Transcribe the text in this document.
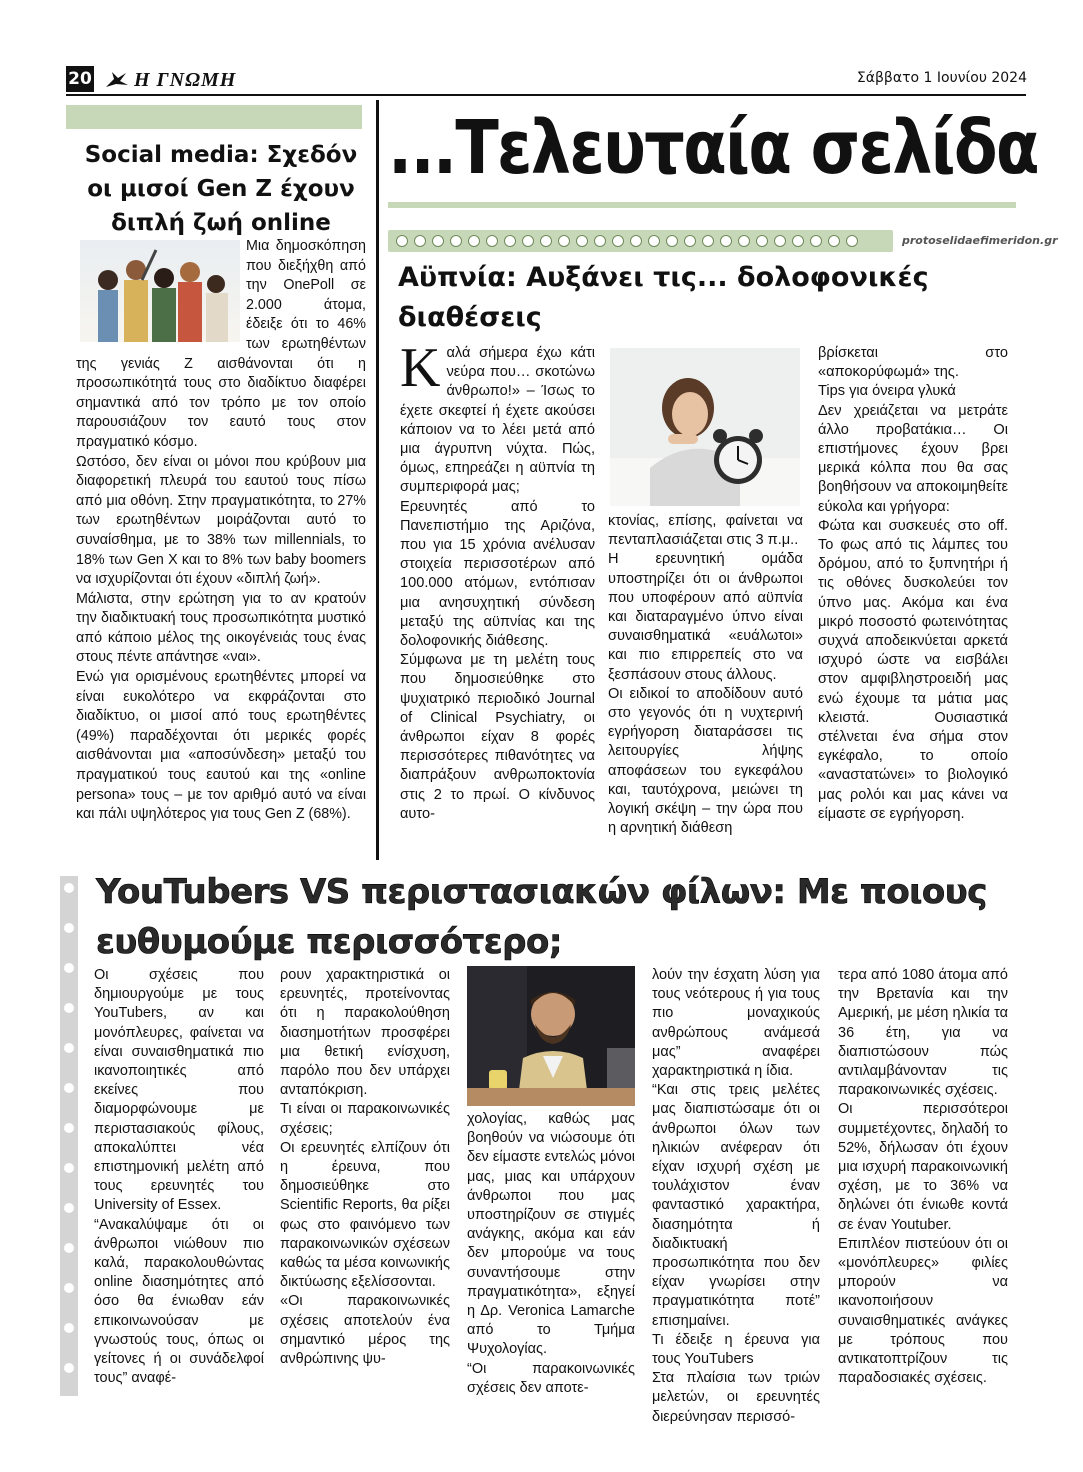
20 Η ΓΝΩΜΗ	Σάββατο 1 Ιουνίου 2024
Social media: Σχεδόν οι μισοί Gen Z έχουν διπλή ζωή online

Μια δημοσκόπηση που διεξήχθη από την OnePoll σε 2.000 άτομα, έδειξε ότι το 46% των ερωτηθέντων της γενιάς Z αισθάνονται ότι η προσωπικότητά τους στο διαδίκτυο διαφέρει σημαντικά από τον τρόπο με τον οποίο παρουσιάζουν τον εαυτό τους στον πραγματικό κόσμο.

Ωστόσο, δεν είναι οι μόνοι που κρύβουν μια διαφορετική πλευρά του εαυτού τους πίσω από μια οθόνη. Στην πραγματικότητα, το 27% των ερωτηθέντων μοιράζονται αυτό το συναίσθημα, με το 38% των millennials, το 18% των Gen X και το 8% των baby boomers να ισχυρίζονται ότι έχουν «διπλή ζωή».

Μάλιστα, στην ερώτηση για το αν κρατούν την διαδικτυακή τους προσωπικότητα μυστικό από κάποιο μέλος της οικογένειάς τους ένας στους πέντε απάντησε «ναι».

Ενώ για ορισμένους ερωτηθέντες μπορεί να είναι ευκολότερο να εκφράζονται στο διαδίκτυο, οι μισοί από τους ερωτηθέντες (49%) παραδέχονται ότι μερικές φορές αισθάνονται μια «αποσύνδεση» μεταξύ του πραγματικού τους εαυτού και της «online persona» τους – με τον αριθμό αυτό να είναι και πάλι υψηλότερος για τους Gen Z (68%).

...Τελευταία σελίδα
protoselidaefimeridon.gr
Αϋπνία: Αυξάνει τις... δολοφονικές διαθέσεις
Κ αλά σήμερα έχω κάτι νεύρα που… σκοτώνω άνθρωπο!» – Ίσως το έχετε σκεφτεί ή έχετε ακούσει κάποιον να το λέει μετά από μια άγρυπνη νύχτα. Πώς, όμως, επηρεάζει η αϋπνία τη συμπεριφορά μας;

Ερευνητές από το Πανεπιστήμιο της Αριζόνα, που για 15 χρόνια ανέλυσαν στοιχεία περισσοτέρων από 100.000 ατόμων, εντόπισαν μια ανησυχητική σύνδεση μεταξύ της αϋπνίας και της δολοφονικής διάθεσης.

Σύμφωνα με τη μελέτη τους που δημοσιεύθηκε στο ψυχιατρικό περιοδικό Journal of Clinical Psychiatry, οι άνθρωποι είχαν 8 φορές περισσότερες πιθανότητες να διαπράξουν ανθρωποκτονία στις 2 το πρωί. Ο κίνδυνος αυτο-

κτονίας, επίσης, φαίνεται να πενταπλασιάζεται στις 3 π.μ..

Η ερευνητική ομάδα υποστηρίζει ότι οι άνθρωποι που υποφέρουν από αϋπνία και διαταραγμένο ύπνο είναι συναισθηματικά «ευάλωτοι» και πιο επιρρεπείς στο να ξεσπάσουν στους άλλους.

Οι ειδικοί το αποδίδουν αυτό στο γεγονός ότι η νυχτερινή εγρήγορση διαταράσσει τις λειτουργίες λήψης αποφάσεων του εγκεφάλου και, ταυτόχρονα, μειώνει τη λογική σκέψη – την ώρα που η αρνητική διάθεση

βρίσκεται στο «αποκορύφωμά» της.

Tips για όνειρα γλυκά

Δεν χρειάζεται να μετράτε άλλο προβατάκια… Οι επιστήμονες έχουν βρει μερικά κόλπα που θα σας βοηθήσουν να αποκοιμηθείτε εύκολα και γρήγορα:

Φώτα και συσκευές στο off. Το φως από τις λάμπες του δρόμου, από το ξυπνητήρι ή τις οθόνες δυσκολεύει τον ύπνο μας. Ακόμα και ένα μικρό ποσοστό φωτεινότητας συχνά αποδεικνύεται αρκετά ισχυρό ώστε να εισβάλει στον αμφιβληστροειδή μας ενώ έχουμε τα μάτια μας κλειστά. Ουσιαστικά στέλνεται ένα σήμα στον εγκέφαλο, το οποίο «αναστατώνει» το βιολογικό μας ρολόι και μας κάνει να είμαστε σε εγρήγορση.

YouTubers VS περιστασιακών φίλων: Με ποιους ευθυμούμε περισσότερο;

Οι σχέσεις που δημιουργούμε με τους YouTubers, αν και μονόπλευρες, φαίνεται να είναι συναισθηματικά πιο ικανοποιητικές από εκείνες που διαμορφώνουμε με περιστασιακούς φίλους, αποκαλύπτει νέα επιστημονική μελέτη από τους ερευνητές του University of Essex.

“Ανακαλύψαμε ότι οι άνθρωποι νιώθουν πιο καλά, παρακολουθώντας online διασημότητες από όσο θα ένιωθαν εάν επικοινωνούσαν με γνωστούς τους, όπως οι γείτονες ή οι συνάδελφοί τους” αναφέ-

ρουν χαρακτηριστικά οι ερευνητές, προτείνοντας ότι η παρακολούθηση διασημοτήτων προσφέρει μια θετική ενίσχυση, παρόλο που δεν υπάρχει ανταπόκριση.

Τι είναι οι παρακοινωνικές σχέσεις;

Οι ερευνητές ελπίζουν ότι η έρευνα, που δημοσιεύθηκε στο Scientific Reports, θα ρίξει φως στο φαινόμενο των παρακοινωνικών σχέσεων καθώς τα μέσα κοινωνικής δικτύωσης εξελίσσονται.

«Οι παρακοινωνικές σχέσεις αποτελούν ένα σημαντικό μέρος της ανθρώπινης ψυ-

χολογίας, καθώς μας βοηθούν να νιώσουμε ότι δεν είμαστε εντελώς μόνοι μας, μιας και υπάρχουν άνθρωποι που μας υποστηρίζουν σε στιγμές ανάγκης, ακόμα και εάν δεν μπορούμε να τους συναντήσουμε στην πραγματικότητα», εξηγεί η Δρ. Veronica Lamarche από το Τμήμα Ψυχολογίας.

“Οι παρακοινωνικές σχέσεις δεν αποτε-

λούν την έσχατη λύση για τους νεότερους ή για τους πιο μοναχικούς ανθρώπους ανάμεσά μας” αναφέρει χαρακτηριστικά η ίδια.

“Και στις τρεις μελέτες μας διαπιστώσαμε ότι οι άνθρωποι όλων των ηλικιών ανέφεραν ότι είχαν ισχυρή σχέση με τουλάχιστον έναν φανταστικό χαρακτήρα, διασημότητα ή διαδικτυακή προσωπικότητα που δεν είχαν γνωρίσει στην πραγματικότητα ποτέ” επισημαίνει.

Τι έδειξε η έρευνα για τους YouTubers

Στα πλαίσια των τριών μελετών, οι ερευνητές διερεύνησαν περισσό-

τερα από 1080 άτομα από την Βρετανία και την Αμερική, με μέση ηλικία τα 36 έτη, για να διαπιστώσουν πώς αντιλαμβάνονταν τις παρακοινωνικές σχέσεις.

Οι περισσότεροι συμμετέχοντες, δηλαδή το 52%, δήλωσαν ότι έχουν μια ισχυρή παρακοινωνική σχέση, με το 36% να δηλώνει ότι ένιωθε κοντά σε έναν Youtuber.

Επιπλέον πιστεύουν ότι οι «μονόπλευρες» φιλίες μπορούν να ικανοποιήσουν συναισθηματικές ανάγκες με τρόπους που αντικατοπτρίζουν τις παραδοσιακές σχέσεις.
